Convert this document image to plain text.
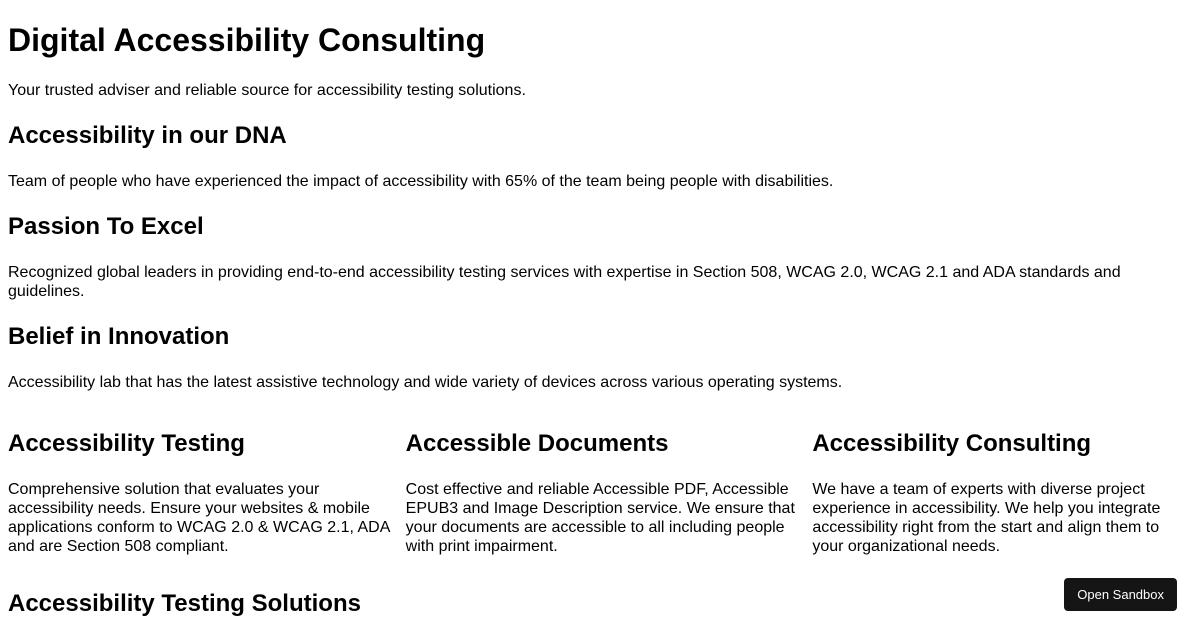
Digital Accessibility Consulting

Your trusted adviser and reliable source for accessibility testing solutions.

Accessibility in our DNA

Team of people who have experienced the impact of accessibility with 65% of the team being people with disabilities.

Passion To Excel

Recognized global leaders in providing end-to-end accessibility testing services with expertise in Section 508, WCAG 2.0, WCAG 2.1 and ADA standards and guidelines.

Belief in Innovation

Accessibility lab that has the latest assistive technology and wide variety of devices across various operating systems.

Accessibility Testing

Comprehensive solution that evaluates your accessibility needs. Ensure your websites & mobile applications conform to WCAG 2.0 & WCAG 2.1, ADA and are Section 508 compliant.

Accessible Documents

Cost effective and reliable Accessible PDF, Accessible EPUB3 and Image Description service. We ensure that your documents are accessible to all including people with print impairment.

Accessibility Consulting

We have a team of experts with diverse project experience in accessibility. We help you integrate accessibility right from the start and align them to your organizational needs.

Accessibility Testing Solutions	Open Sandbox
